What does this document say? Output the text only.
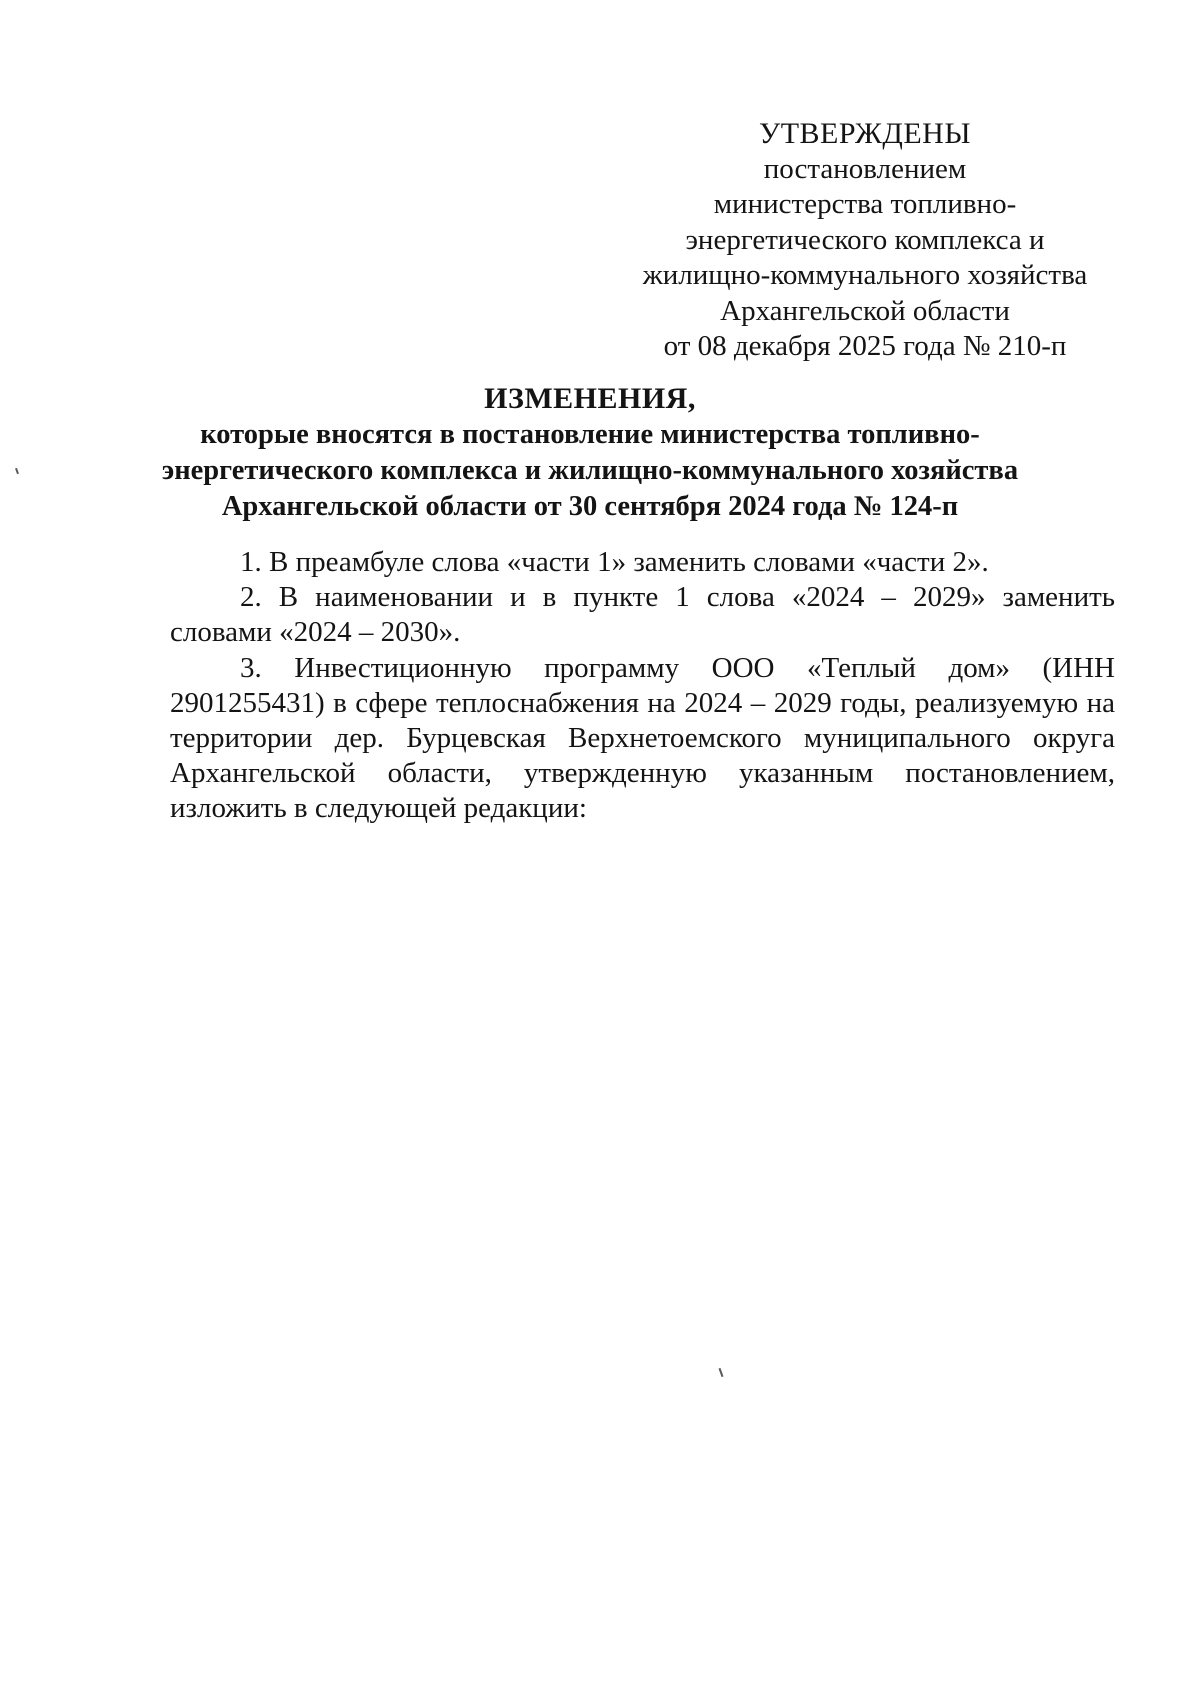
УТВЕРЖДЕНЫ
постановлением
министерства топливно-
энергетического комплекса и
жилищно-коммунального хозяйства
Архангельской области
от 08 декабря 2025 года № 210-п
ИЗМЕНЕНИЯ,
которые вносятся в постановление министерства топливно-
энергетического комплекса и жилищно-коммунального хозяйства
Архангельской области от 30 сентября 2024 года № 124-п

1. В преамбуле слова «части 1» заменить словами «части 2».

2. В наименовании и в пункте 1 слова «2024 – 2029» заменить словами «2024 – 2030».

3. Инвестиционную программу ООО «Теплый дом» (ИНН 2901255431) в сфере теплоснабжения на 2024 – 2029 годы, реализуемую на территории дер. Бурцевская Верхнетоемского муниципального округа Архангельской области, утвержденную указанным постановлением, изложить в следующей редакции:
